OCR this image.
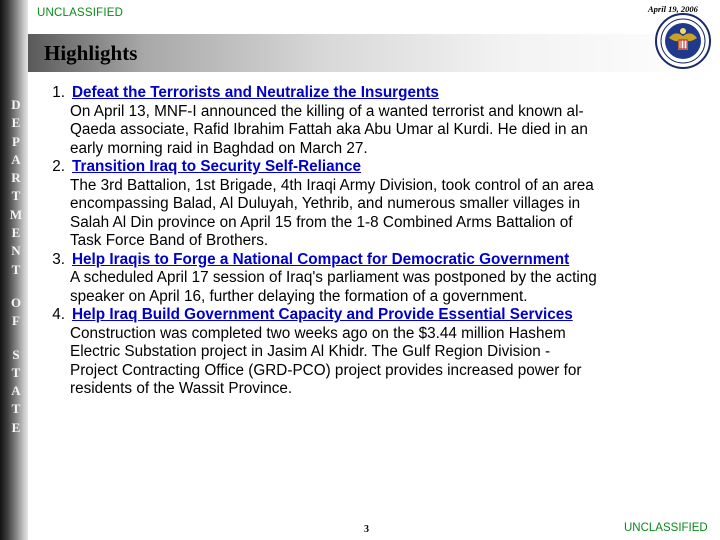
UNCLASSIFIED	April 19, 2006
Highlights
D
E
P
A
R
T
M
E
N
T
O
F
S
T
A
T
E
1. Defeat the Terrorists and Neutralize the Insurgents
On April 13, MNF-I announced the killing of a wanted terrorist and known al-
Qaeda associate, Rafid Ibrahim Fattah aka Abu Umar al Kurdi. He died in an
early morning raid in Baghdad on March 27.
2. Transition Iraq to Security Self-Reliance
The 3rd Battalion, 1st Brigade, 4th Iraqi Army Division, took control of an area
encompassing Balad, Al Duluyah, Yethrib, and numerous smaller villages in
Salah Al Din province on April 15 from the 1-8 Combined Arms Battalion of
Task Force Band of Brothers.
3. Help Iraqis to Forge a National Compact for Democratic Government
A scheduled April 17 session of Iraq's parliament was postponed by the acting
speaker on April 16, further delaying the formation of a government.
4. Help Iraq Build Government Capacity and Provide Essential Services
Construction was completed two weeks ago on the $3.44 million Hashem
Electric Substation project in Jasim Al Khidr. The Gulf Region Division -
Project Contracting Office (GRD-PCO) project provides increased power for
residents of the Wassit Province.
3	UNCLASSIFIED
